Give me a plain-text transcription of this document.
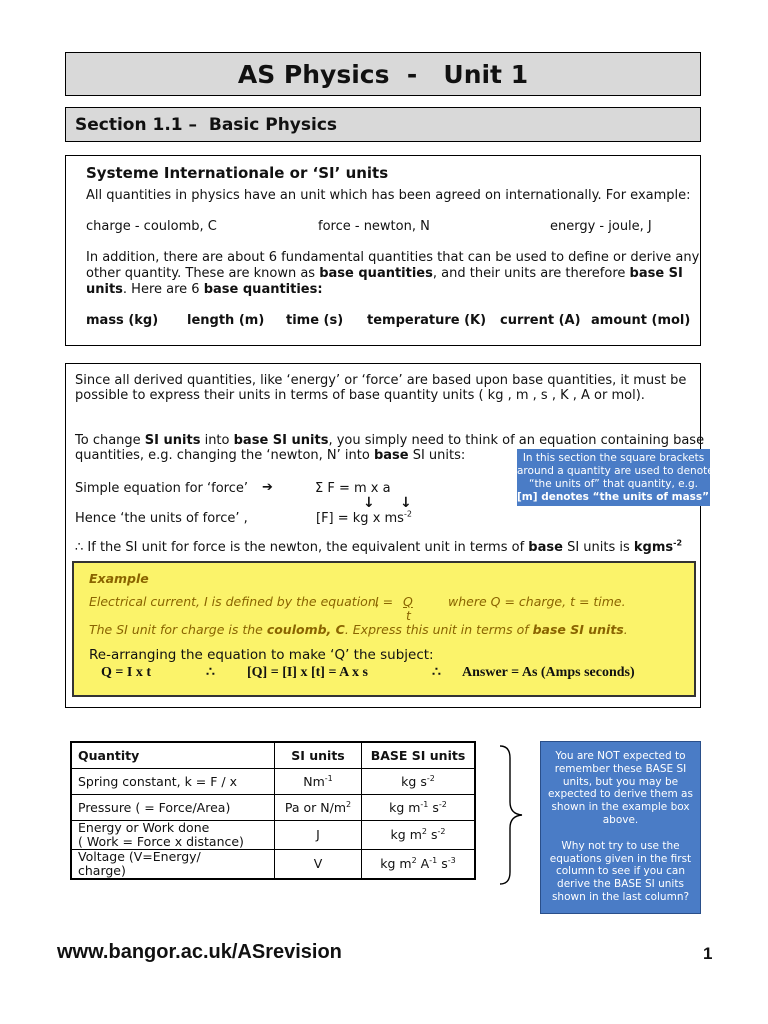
AS Physics  -   Unit 1
Section 1.1 –  Basic Physics
Systeme Internationale or ‘SI’ units
All quantities in physics have an unit which has been agreed on internationally. For example:
charge - coulomb, C	force - newton, N	energy - joule, J
In addition, there are about 6 fundamental quantities that can be used to define or derive any
other quantity. These are known as base quantities, and their units are therefore base SI
units. Here are 6 base quantities:
mass (kg) length (m) time (s) temperature (K) current (A) amount (mol)
Since all derived quantities, like ‘energy’ or ‘force’ are based upon base quantities, it must be
possible to express their units in terms of base quantity units ( kg , m , s , K , A or mol).
To change SI units into base SI units, you simply need to think of an equation containing base
quantities, e.g. changing the ‘newton, N’ into base SI units:
Simple equation for ‘force’ ➔	Σ F = m x a
↓ ↓
Hence ‘the units of force’ ,	[F] = kg x $ms^{-2}$
∴ If the SI unit for force is the newton, the equivalent unit in terms of base SI units is kgms$^{-2}$
In this section the square brackets
around a quantity are used to denote
“the units of” that quantity, e.g.
[m] denotes “the units of mass”.
Example
Electrical current, I is defined by the equation,
I = Q
t
where Q = charge, t = time.
The SI unit for charge is the coulomb, C. Express this unit in terms of base SI units.
Re-arranging the equation to make ‘Q’ the subject:
Q = I x t	∴ [Q] = [I] x [t] = A x s	∴ Answer = As (Amps seconds)
Quantity	SI units	BASE SI units
Spring constant, k = F / x	$Nm^{-1}$	kg $s^{-2}$
Pressure ( = Force/Area)	Pa or $N/m^2$	kg $m^{-1}$ $s^{-2}$

Energy or Work done
( Work = Force x distance)	J	kg $m^2$ $s^{-2}$

Voltage (V=Energy/
charge)	V	kg $m^2$ $A^{-1}$ $s^{-3}$
You are NOT expected to
remember these BASE SI
units, but you may be
expected to derive them as
shown in the example box
above.
Why not try to use the
equations given in the first
column to see if you can
derive the BASE SI units
shown in the last column?
www.bangor.ac.uk/ASrevision	1
